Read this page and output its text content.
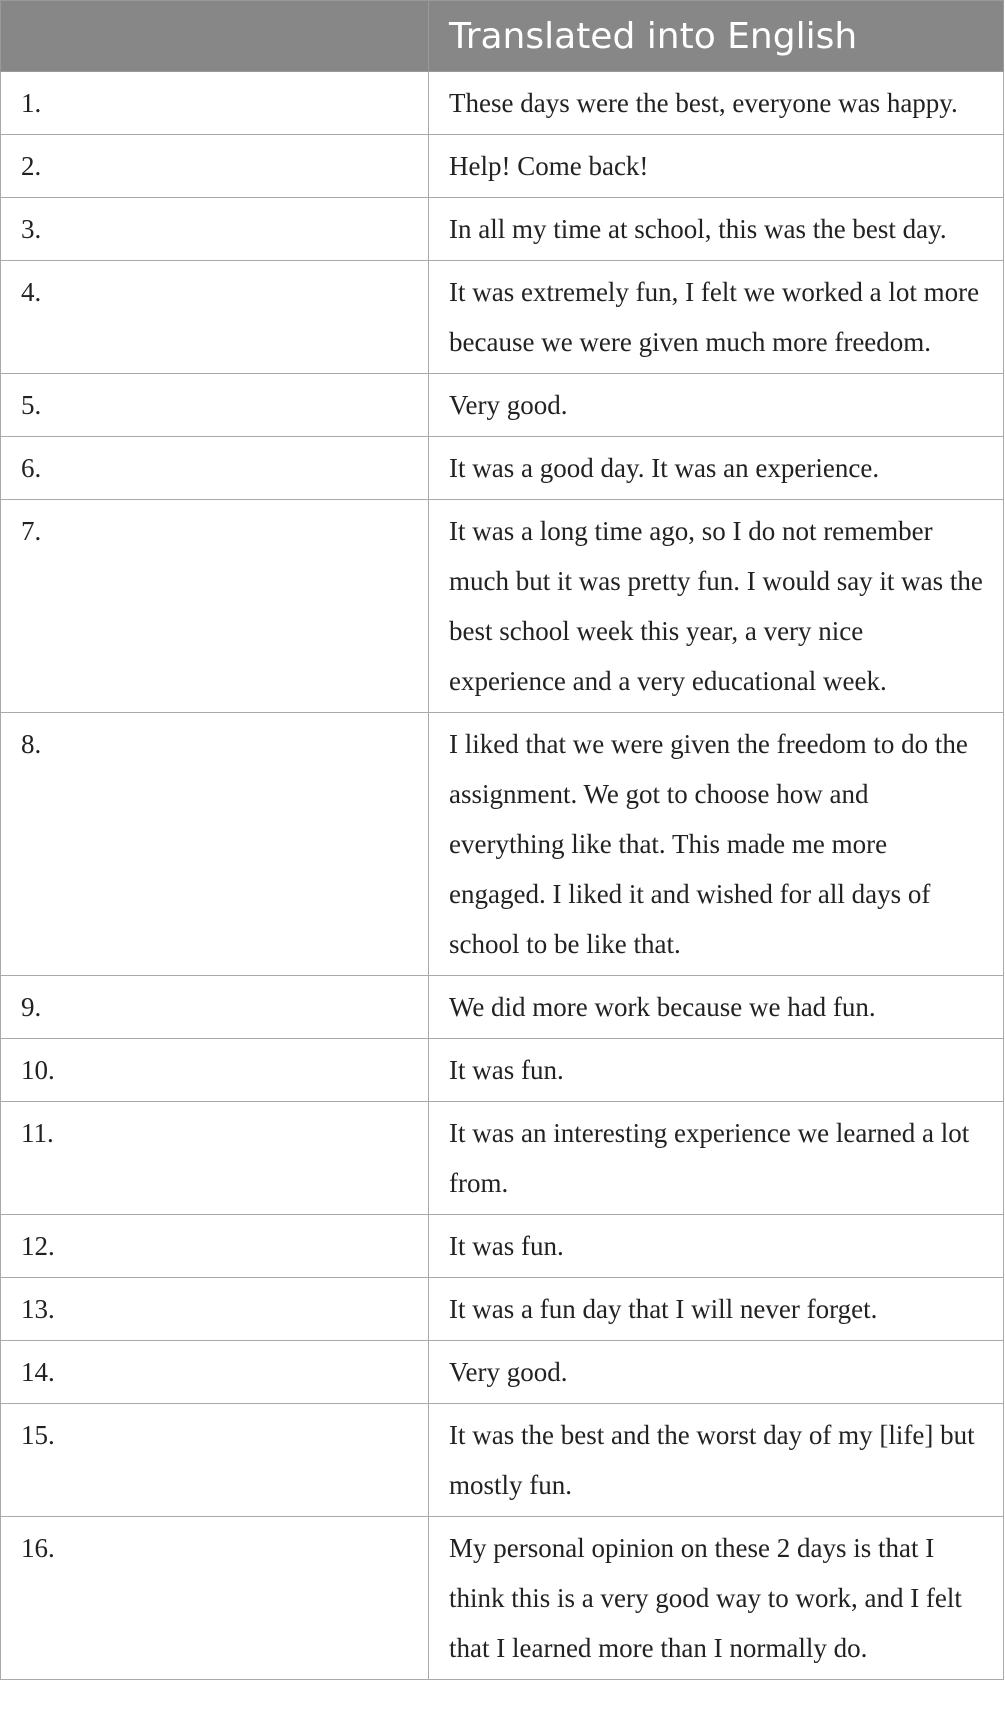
	Translated into English
1.	These days were the best, everyone was happy.
2.	Help! Come back!
3.	In all my time at school, this was the best day.
4.	It was extremely fun, I felt we worked a lot more because we were given much more freedom.
5.	Very good.
6.	It was a good day. It was an experience.
7.	It was a long time ago, so I do not remember much but it was pretty fun. I would say it was the best school week this year, a very nice experience and a very educational week.
8.	I liked that we were given the freedom to do the assignment. We got to choose how and everything like that. This made me more engaged. I liked it and wished for all days of school to be like that.
9.	We did more work because we had fun.
10.	It was fun.
11.	It was an interesting experience we learned a lot from.
12.	It was fun.
13.	It was a fun day that I will never forget.
14.	Very good.
15.	It was the best and the worst day of my [life] but mostly fun.
16.	My personal opinion on these 2 days is that I think this is a very good way to work, and I felt that I learned more than I normally do.
